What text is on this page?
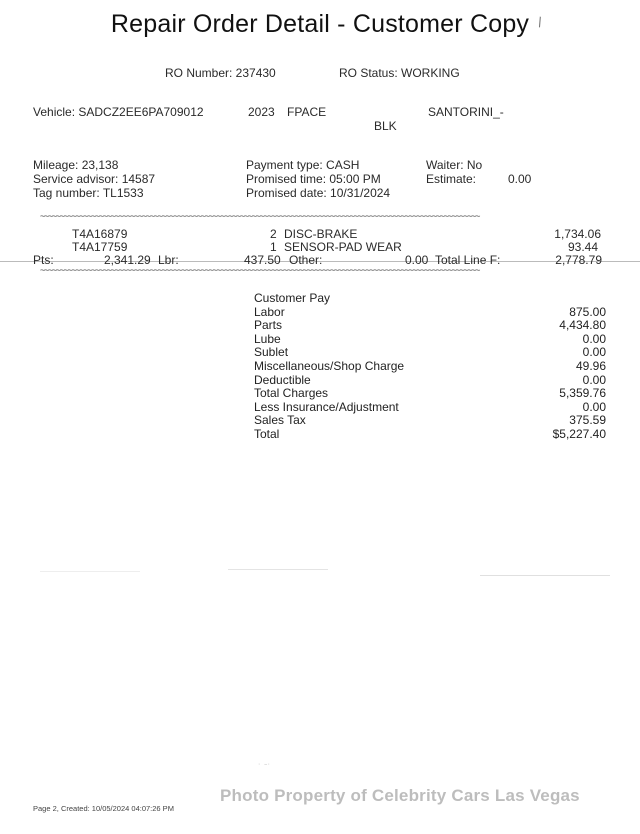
Repair Order Detail - Customer Copy \
RO Number: 237430	RO Status: WORKING
Vehicle: SADCZ2EE6PA709012	2023 FPACE	SANTORINI_-
BLK
Mileage: 23,138
Service advisor: 14587
Tag number: TL1533
Payment type: CASH
Promised time: 05:00 PM
Promised date: 10/31/2024
Waiter: No
Estimate:	0.00
~~~~~~~~~~~~~~~~~~~~~~~~~~~~~~~~~~~~~~~~~~~~~~~~~~~~~~~~~~~~~~~~~~~~~~~~~~~~~~~~~~~~~~~~~~~~~~~~~~~~~~~~~~~~~~~~
T4A16879	2 DISC-BRAKE	1,734.06
T4A17759	1 SENSOR-PAD WEAR	93.44
Pts:	2,341.29 Lbr:	437.50 Other:	0.00 Total Line F:	2,778.79
~~~~~~~~~~~~~~~~~~~~~~~~~~~~~~~~~~~~~~~~~~~~~~~~~~~~~~~~~~~~~~~~~~~~~~~~~~~~~~~~~~~~~~~~~~~~~~~~~~~~~~~~~~~~~~~~
Customer Pay
Labor	875.00
Parts	4,434.80
Lube	0.00
Sublet	0.00
Miscellaneous/Shop Charge	49.96
Deductible	0.00
Total Charges	5,359.76
Less Insurance/Adjustment	0.00
Sales Tax	375.59
Total	$5,227.40
˙ ˉ˙
Page 2, Created: 10/05/2024 04:07:26 PM
Photo Property of Celebrity Cars Las Vegas
